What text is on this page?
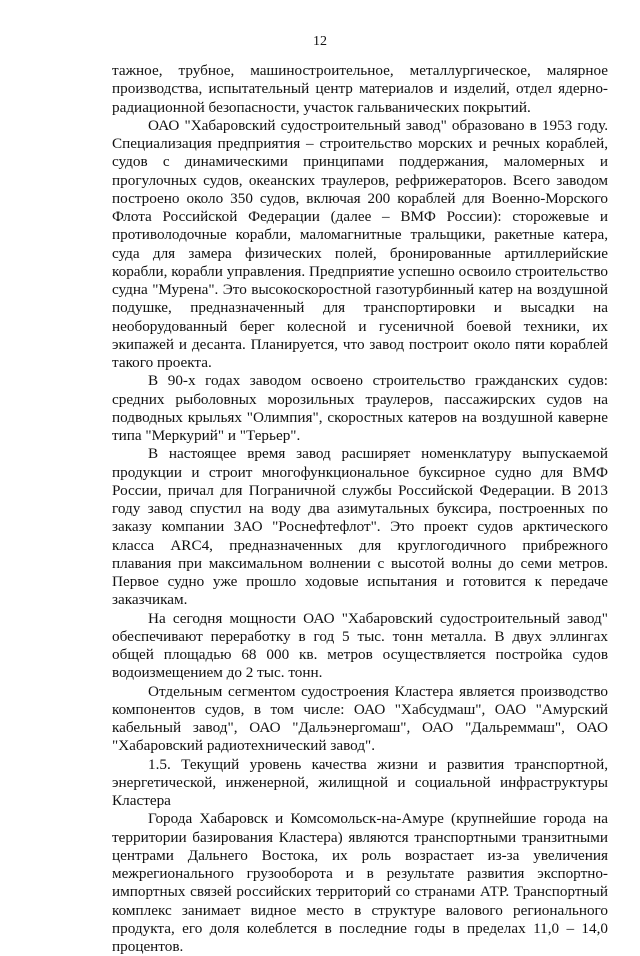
12

тажное, трубное, машиностроительное, металлургическое, малярное производства, испытательный центр материалов и изделий, отдел ядерно-радиационной безопасности, участок гальванических покрытий.

ОАО "Хабаровский судостроительный завод" образовано в 1953 году. Специализация предприятия – строительство морских и речных кораблей, судов с динамическими принципами поддержания, маломерных и прогулочных судов, океанских траулеров, рефрижераторов. Всего заводом построено около 350 судов, включая 200 кораблей для Военно-Морского Флота Российской Федерации (далее – ВМФ России): сторожевые и противолодочные корабли, маломагнитные тральщики, ракетные катера, суда для замера физических полей, бронированные артиллерийские корабли, корабли управления. Предприятие успешно освоило строительство судна "Мурена". Это высокоскоростной газотурбинный катер на воздушной подушке, предназначенный для транспортировки и высадки на необорудованный берег колесной и гусеничной боевой техники, их экипажей и десанта. Планируется, что завод построит около пяти кораблей такого проекта.

В 90-х годах заводом освоено строительство гражданских судов: средних рыболовных морозильных траулеров, пассажирских судов на подводных крыльях "Олимпия", скоростных катеров на воздушной каверне типа "Меркурий" и "Терьер".

В настоящее время завод расширяет номенклатуру выпускаемой продукции и строит многофункциональное буксирное судно для ВМФ России, причал для Пограничной службы Российской Федерации. В 2013 году завод спустил на воду два азимутальных буксира, построенных по заказу компании ЗАО "Роснефтефлот". Это проект судов арктического класса ARC4, предназначенных для круглогодичного прибрежного плавания при максимальном волнении с высотой волны до семи метров. Первое судно уже прошло ходовые испытания и готовится к передаче заказчикам.

На сегодня мощности ОАО "Хабаровский судостроительный завод" обеспечивают переработку в год 5 тыс. тонн металла. В двух эллингах общей площадью 68 000 кв. метров осуществляется постройка судов водоизмещением до 2 тыс. тонн.

Отдельным сегментом судостроения Кластера является производство компонентов судов, в том числе: ОАО "Хабсудмаш", ОАО "Амурский кабельный завод", ОАО "Дальэнергомаш", ОАО "Дальреммаш", ОАО "Хабаровский радиотехнический завод".

1.5. Текущий уровень качества жизни и развития транспортной, энергетической, инженерной, жилищной и социальной инфраструктуры Кластера

Города Хабаровск и Комсомольск-на-Амуре (крупнейшие города на территории базирования Кластера) являются транспортными транзитными центрами Дальнего Востока, их роль возрастает из-за увеличения межрегионального грузооборота и в результате развития экспортно-импортных связей российских территорий со странами АТР. Транспортный комплекс занимает видное место в структуре валового регионального продукта, его доля колеблется в последние годы в пределах 11,0 – 14,0 процентов.
